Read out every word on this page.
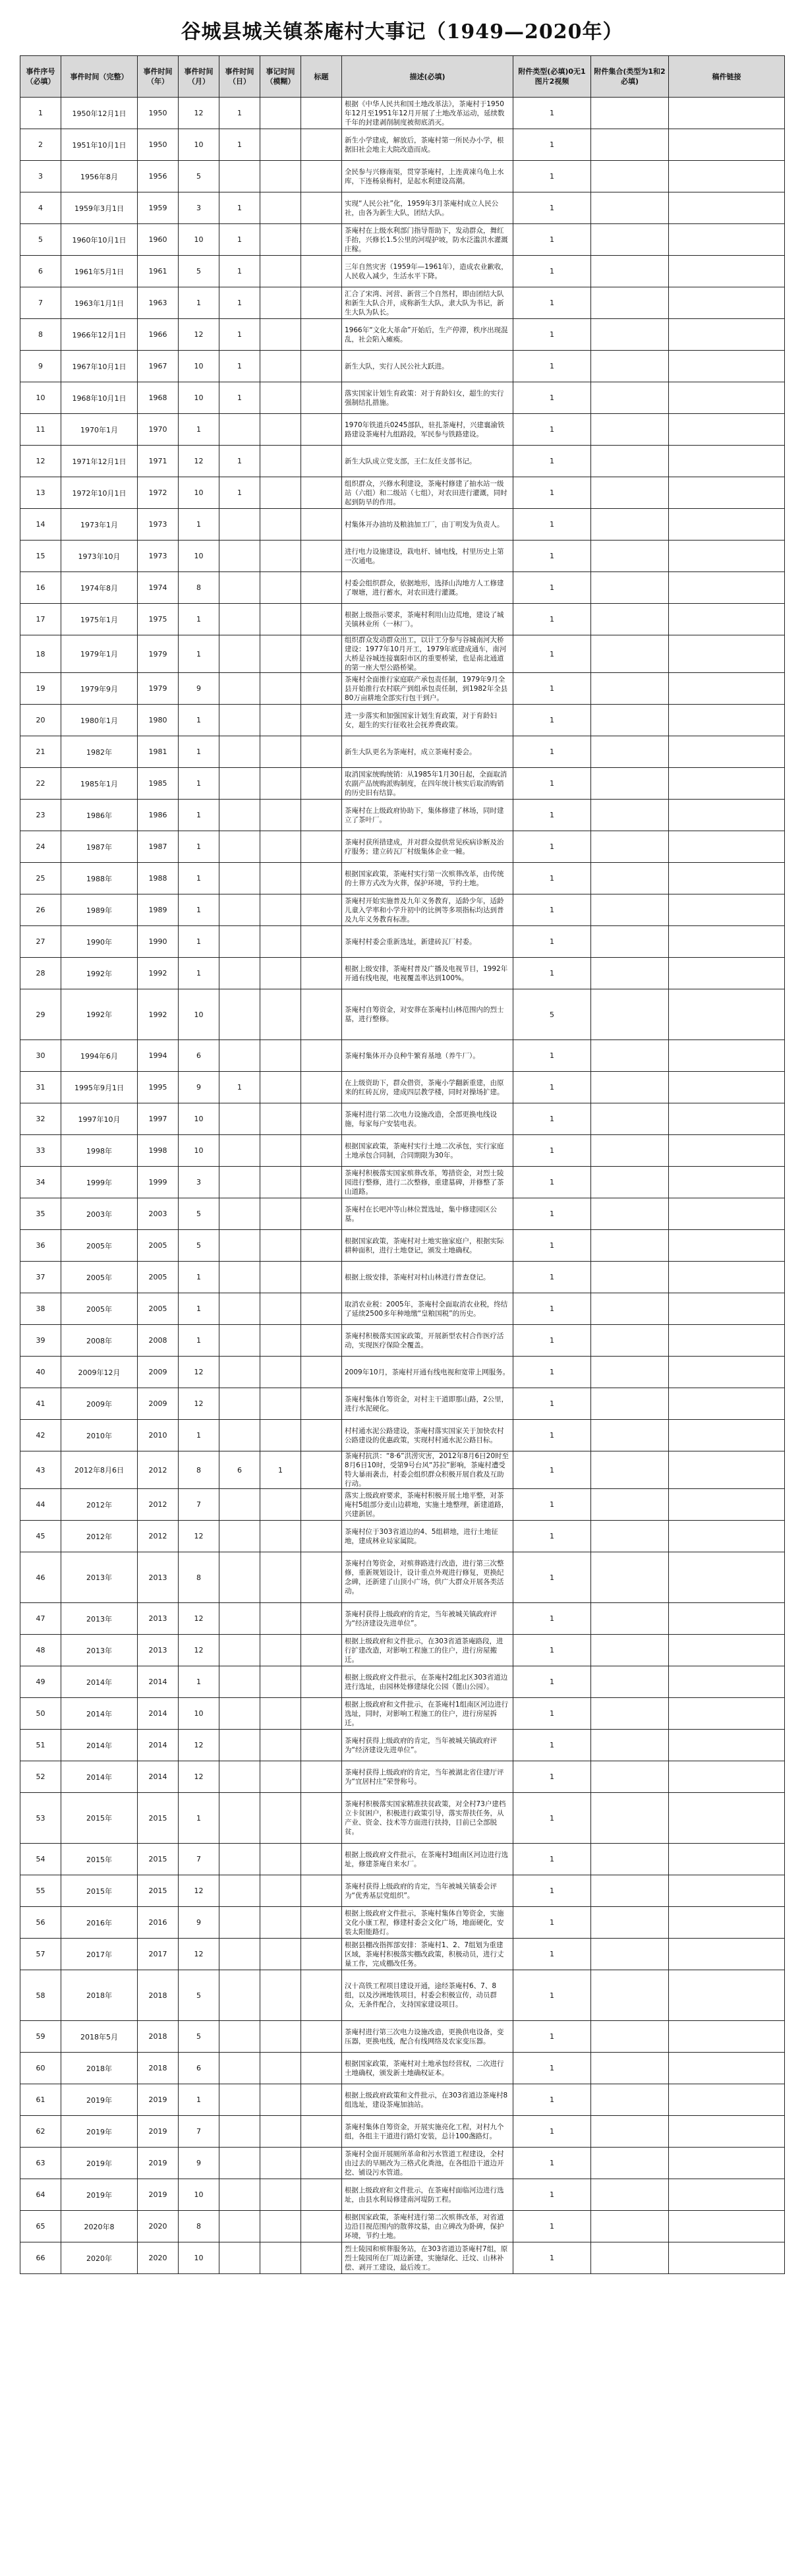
谷城县城关镇茶庵村大事记（1949—2020年）
事件序号（必填）	事件时间（完整）	事件时间（年）	事件时间（月）	事件时间（日）	事记时间（模糊）	标题	描述(必填)	附件类型(必填)0无1图片2视频	附件集合(类型为1和2必填)	稿件链接
1	1950年12月1日	1950	12	1			根据《中华人民共和国土地改革法》，茶庵村于1950年12月至1951年12月开展了土地改革运动，延续数千年的封建剥削制度被彻底消灭。	1		
2	1951年10月1日	1950	10	1			新生小学建成，解放后，茶庵村第一所民办小学，根据旧社会地主大院改造而成。	1		
3	1956年8月	1956	5				全民参与兴修南渠，贯穿茶庵村，上连黄凍乌龟上水库，下连杨泉梅村，是起水利建设高潮。	1		
4	1959年3月1日	1959	3	1			实现“人民公社”化，1959年3月茶庵村成立人民公社，由各为新生大队，团结大队。	1		
5	1960年10月1日	1960	10	1			茶庵村在上级水利部门指导帮助下，发动群众，舞红手抬，兴修长1.5公里的河堤护坡，防水泛滥洪水灌溉庄稼。	1		
6	1961年5月1日	1961	5	1			三年自然灾害（1959年—1961年），造成农业歉收，人民收入减少，生活水平下降。	1		
7	1963年1月1日	1963	1	1			汇合了宋湾、河营、新营三个自然村，即由团结大队和新生大队合并，成称新生大队，隶大队为书记，新生大队为队长。	1		
8	1966年12月1日	1966	12	1			1966年“文化大革命”开始后，生产停滞，秩序出现混乱，社会陷入瘫痪。	1		
9	1967年10月1日	1967	10	1			新生大队，实行人民公社大跃进。	1		
10	1968年10月1日	1968	10	1			落实国家计划生育政策：对于育龄妇女，超生的实行强制结扎措施。	1		
11	1970年1月	1970	1				1970年铁道兵0245部队，驻扎茶庵村，兴建襄渝铁路建设茶庵村九组路段，军民参与铁路建设。	1		
12	1971年12月1日	1971	12	1			新生大队成立党支部，王仁友任支部书记。	1		
13	1972年10月1日	1972	10	1			组织群众，兴修水利建设，茶庵村修建了抽水站一级站（六组）和二级站（七组），对农田进行灌溉，同时起到防旱的作用。	1		
14	1973年1月	1973	1				村集体开办油坊及粮油加工厂，由丁明发为负责人。	1		
15	1973年10月	1973	10				进行电力设施建设，栽电杆、铺电线，村里历史上第一次通电。	1		
16	1974年8月	1974	8				村委会组织群众，依据地形，选择山沟地方人工修建了堰塘，进行蓄水，对农田进行灌溉。	1		
17	1975年1月	1975	1				根据上级指示要求，茶庵村利用山边荒地，建设了城关镇林业所（一林厂）。	1		
18	1979年1月	1979	1				组织群众发动群众出工，以计工分参与谷城南河大桥建设：1977年10月开工，1979年底建成通车，南河大桥是谷城连接襄阳市区的重要桥梁，也是南北通道的第一座大型公路桥梁。	1		
19	1979年9月	1979	9				茶庵村全面推行家庭联产承包责任制，1979年9月全县开始推行农村联产到组承包责任制，到1982年全县80万亩耕地全部实行包干到户。	1		
20	1980年1月	1980	1				进一步落实和加强国家计划生育政策，对于育龄妇女，超生的实行征收社会抚养费政策。	1		
21	1982年	1981	1				新生大队更名为茶庵村，成立茶庵村委会。	1		
22	1985年1月	1985	1				取消国家统购统销：从1985年1月30日起，全面取消农副产品统购派购制度，在四年统计核实后取消购销的历史旧有结算。	1		
23	1986年	1986	1				茶庵村在上级政府协助下，集体修建了林场，同时建立了茶叶厂。	1		
24	1987年	1987	1				茶庵村获所措建成，并对群众提供常见疾病诊断及治疗服务；建立砖瓦厂村级集体企业一幢。	1		
25	1988年	1988	1				根据国家政策，茶庵村实行第一次殡葬改革，由传统的土葬方式改为火葬，保护环境，节约土地。	1		
26	1989年	1989	1				茶庵村开始实施普及九年义务教育，适龄少年，适龄儿童入学率和小学升初中的比例等多项指标均达到普及九年义务教育标准。	1		
27	1990年	1990	1				茶庵村村委会重新选址，新建砖瓦厂村委。	1		
28	1992年	1992	1				根据上级安排，茶庵村普及广播及电视节目，1992年开通有线电视，电视覆盖率达到100%。	1		
29	1992年	1992	10				茶庵村自筹资金，对安葬在茶庵村山林范围内的烈士墓，进行整修。	5		
30	1994年6月	1994	6				茶庵村集体开办良种牛繁育基地（养牛厂）。	1		
31	1995年9月1日	1995	9	1			在上级资助下，群众借资，茶庵小学翻新重建，由原来的红砖瓦房，建成四层教学楼，同时对操场扩建。	1		
32	1997年10月	1997	10				茶庵村进行第二次电力设施改造，全部更换电线设施，每家每户安装电表。	1		
33	1998年	1998	10				根据国家政策，茶庵村实行土地二次承包，实行家庭土地承包合同制，合同期限为30年。	1		
34	1999年	1999	3				茶庵村积极落实国家殡葬改革，筹措资金，对烈士陵园进行整修，进行二次整修，重建墓碑，并修整了茶山道路。	1		
35	2003年	2003	5				茶庵村在长吧冲等山林位置选址，集中修建园区公墓。	1		
36	2005年	2005	5				根据国家政策，茶庵村对土地实施家庭户，根据实际耕种面积，进行土地登记，颁发土地确权。	1		
37	2005年	2005	1				根据上级安排，茶庵村对村山林进行普查登记。	1		
38	2005年	2005	1				取消农业税：2005年，茶庵村全面取消农业税，终结了延续2500多年种地缴“皇粮国税”的历史。	1		
39	2008年	2008	1				茶庵村积极落实国家政策，开展新型农村合作医疗活动，实现医疗保险全覆盖。	1		
40	2009年12月	2009	12				2009年10月，茶庵村开通有线电视和宽带上网服务。	1		
41	2009年	2009	12				茶庵村集体自筹资金，对村主干道即那山路，2公里，进行水泥硬化。	1		
42	2010年	2010	1				村村通水泥公路建设，茶庵村落实国家关于加快农村公路建设的优惠政策，实现村村通水泥公路目标。	1		
43	2012年8月6日	2012	8	6	1		茶庵村抗洪：“8·6”洪涝灾害，2012年8月6日20时至8月6日10时，受第9号台风“苏拉”影响，茶庵村遭受特大暴雨袭击，村委会组织群众积极开展自救及互助行动。	1		
44	2012年	2012	7				落实上级政府要求，茶庵村积极开展土地平整，对茶庵村5组部分麦山边耕地，实施土地整理，新建道路，兴建新居。	1		
45	2012年	2012	12				茶庵村位于303省道边的4、5组耕地，进行土地征地，建成林业局家属院。	1		
46	2013年	2013	8				茶庵村自筹资金，对殡葬路进行改造，进行第三次整修，重新规划设计，设计重点外观进行修复，更换纪念碑，还新建了山顶小广场，供广大群众开展各类活动。	1		
47	2013年	2013	12				茶庵村获得上级政府的肯定，当年被城关镇政府评为“经济建设先进单位”。	1		
48	2013年	2013	12				根据上级政府和文件批示，在303省道茶庵路段，进行扩建改造，对影响工程施工的住户，进行房屋搬迁。	1		
49	2014年	2014	1				根据上级政府文件批示，在茶庵村2组北区303省道边进行选址，由园林处修建绿化公园（蓖山公园）。	1		
50	2014年	2014	10				根据上级政府和文件批示，在茶庵村1组南区河边进行选址，同时，对影响工程施工的住户，进行房屋拆迁。	1		
51	2014年	2014	12				茶庵村获得上级政府的肯定，当年被城关镇政府评为“经济建设先进单位”。	1		
52	2014年	2014	12				茶庵村获得上级政府的肯定，当年被湖北省住建厅评为“宜居村庄”荣誉称号。	1		
53	2015年	2015	1				茶庵村积极落实国家精准扶贫政策，对全村73户建档立卡贫困户，积极进行政策引导，落实帮扶任务，从产业、资金、技术等方面进行扶持，目前已全部脱贫。	1		
54	2015年	2015	7				根据上级政府文件批示，在茶庵村3组南区河边进行选址，修建茶庵自来水厂。	1		
55	2015年	2015	12				茶庵村获得上级政府的肯定，当年被城关镇委会评为“优秀基层党组织”。	1		
56	2016年	2016	9				根据上级政府文件批示，茶庵村集体自筹资金，实施文化小康工程，修建村委会文化广场，地面硬化，安装太阳能路灯。	1		
57	2017年	2017	12				根据县棚改指挥部安排：茶庵村1、2、7组划为重建区域，茶庵村积极落实棚改政策，积极动员，进行丈量工作，完成棚改任务。	1		
58	2018年	2018	5				汉十高铁工程项目建设开通，途经茶庵村6、7、8组，以及沙洲地铁项目，村委会积极宣传，动员群众，无条件配合，支持国家建设项目。	1		
59	2018年5月	2018	5				茶庵村进行第三次电力设施改造，更换供电设备，变压器，更换电线，配合有线网络及农家变压器。	1		
60	2018年	2018	6				根据国家政策，茶庵村对土地承包经营权，二次进行土地确权，颁发新土地确权证本。	1		
61	2019年	2019	1				根据上级政府政策和文件批示，在303省道边茶庵村8组选址，建设茶庵加油站。	1		
62	2019年	2019	7				茶庵村集体自筹资金，开展实施亮化工程，对村九个组，各组主干道进行路灯安装，总计100盏路灯。	1		
63	2019年	2019	9				茶庵村全面开展厕所革命和污水管道工程建设，全村由过去的旱厕改为三格式化粪池，在各组沿干道边开挖、铺设污水管道。	1		
64	2019年	2019	10				根据上级政府和文件批示，在茶庵村面临河边进行选址，由县水利局修建南河堤防工程。	1		
65	2020年8	2020	8				根据国家政策，茶庵村进行第二次殡葬改革，对省道边沿目视范围内的散葬坟墓，由立碑改为卧碑，保护环境，节约土地。	1		
66	2020年	2020	10				烈士陵园和殡葬服务站，在303省道边茶庵村7组，原烈士陵园所在厂周边新建，实施绿化、迁坟、山林补偿、剥开工建设，最后竣工。	1		
